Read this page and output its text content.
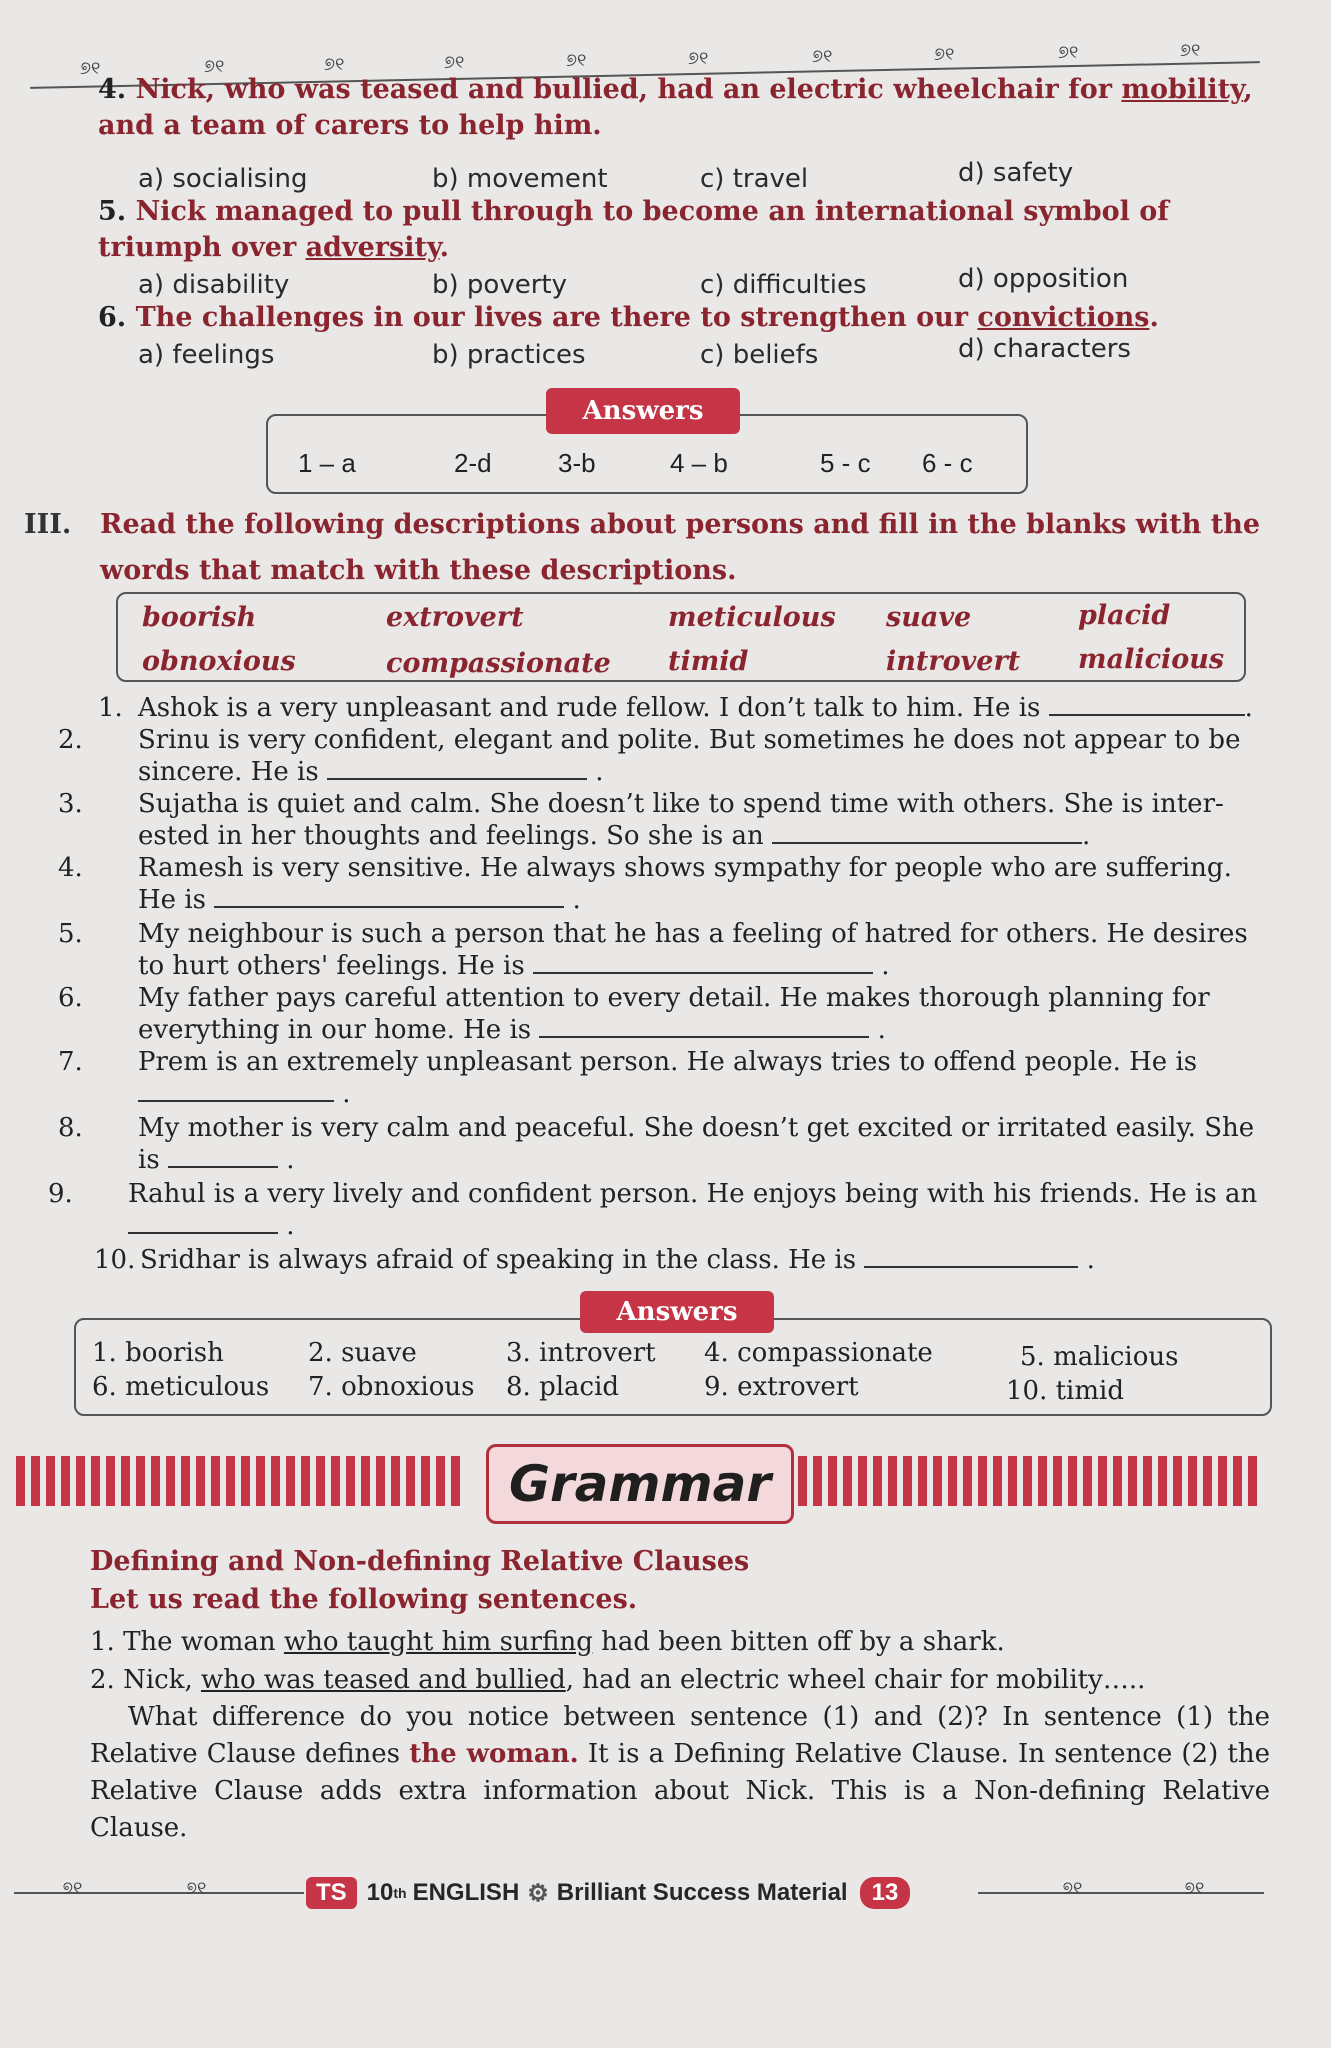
୭୧	୭୧	୭୧	୭୧	୭୧	୭୧	୭୧	୭୧	୭୧	୭୧
4. Nick, who was teased and bullied, had an electric wheelchair for mobility, and a team of carers to help him.
a) socialising	b) movement	c) travel	d) safety
5. Nick managed to pull through to become an international symbol of triumph over adversity.
a) disability	b) poverty	c) difficulties	d) opposition
6. The challenges in our lives are there to strengthen our convictions.
a) feelings	b) practices	c) beliefs	d) characters
Answers
1 – a	2-d	3-b	4 – b	5 - c 6 - c
III. Read the following descriptions about persons and fill in the blanks with the words that match with these descriptions.
boorish	extrovert	meticulous suave	placid
obnoxious	compassionate timid	introvert malicious
1. Ashok is a very unpleasant and rude fellow. I don’t talk to him. He is	.
2. Srinu is very confident, elegant and polite. But sometimes he does not appear to be sincere. He is	.
3. Sujatha is quiet and calm. She doesn’t like to spend time with others. She is inter-ested in her thoughts and feelings. So she is an	.
4. Ramesh is very sensitive. He always shows sympathy for people who are suffering. He is	.
5. My neighbour is such a person that he has a feeling of hatred for others. He desires to hurt others' feelings. He is	.
6. My father pays careful attention to every detail. He makes thorough planning for everything in our home. He is	.
7. Prem is an extremely unpleasant person. He always tries to offend people. He is  .
8. My mother is very calm and peaceful. She doesn’t get excited or irritated easily. She is	.
9. Rahul is a very lively and confident person. He enjoys being with his friends. He is an  .
10. Sridhar is always afraid of speaking in the class. He is	.
Answers
1. boorish	2. suave	3. introvert 4. compassionate	5. malicious
6. meticulous 7. obnoxious 8. placid	9. extrovert	10. timid
Grammar
Defining and Non-defining Relative Clauses
Let us read the following sentences.
1. The woman who taught him surfing had been bitten off by a shark.
2. Nick, who was teased and bullied, had an electric wheel chair for mobility…..
What difference do you notice between sentence (1) and (2)? In sentence (1) the Relative Clause defines the woman. It is a Defining Relative Clause. In sentence (2) the Relative Clause adds extra information about Nick. This is a Non-defining Relative Clause.
୭୧	୭୧	୭୧	୭୧
TS 10 th ENGLISH ⚙ Brilliant Success Material	13
